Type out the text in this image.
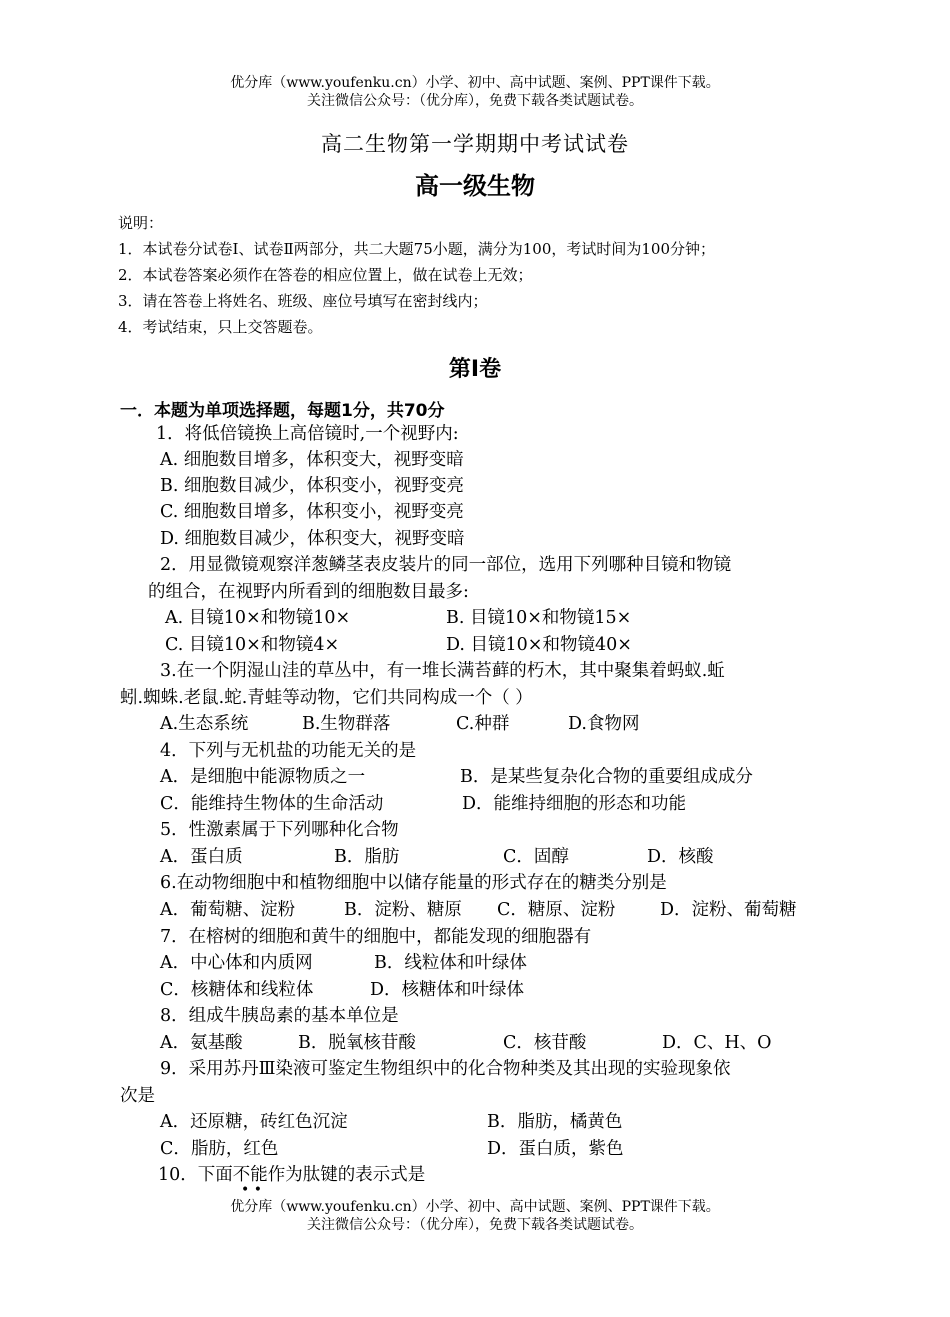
优分库（www.youfenku.cn）小学、初中、高中试题、案例、PPT课件下载。
关注微信公众号：（优分库），免费下载各类试题试卷。
高二生物第一学期期中考试试卷
高一级生物
说明：
1．本试卷分试卷Ⅰ、试卷Ⅱ两部分，共二大题75小题，满分为100，考试时间为100分钟；
2．本试卷答案必须作在答卷的相应位置上，做在试卷上无效；
3．请在答卷上将姓名、班级、座位号填写在密封线内；
4．考试结束，只上交答题卷。
第Ⅰ卷
一．本题为单项选择题，每题1分，共70分
1．将低倍镜换上高倍镜时,一个视野内:
A. 细胞数目增多，体积变大，视野变暗
B. 细胞数目减少，体积变小，视野变亮
C. 细胞数目增多，体积变小，视野变亮
D. 细胞数目减少，体积变大，视野变暗
2．用显微镜观察洋葱鳞茎表皮装片的同一部位，选用下列哪种目镜和物镜
的组合，在视野内所看到的细胞数目最多:
A. 目镜10×和物镜10×	B. 目镜10×和物镜15×
C. 目镜10×和物镜4×	D. 目镜10×和物镜40×
3.在一个阴湿山洼的草丛中，有一堆长满苔藓的朽木，其中聚集着蚂蚁.蚯
蚓.蜘蛛.老鼠.蛇.青蛙等动物，它们共同构成一个（ ）
A.生态系统	B.生物群落	C.种群	D.食物网
4．下列与无机盐的功能无关的是
A．是细胞中能源物质之一	B．是某些复杂化合物的重要组成成分
C．能维持生物体的生命活动	D．能维持细胞的形态和功能
5．性激素属于下列哪种化合物
A．蛋白质	B．脂肪	C．固醇	D．核酸
6.在动物细胞中和植物细胞中以储存能量的形式存在的糖类分别是
A．葡萄糖、淀粉	B．淀粉、糖原 C．糖原、淀粉	D．淀粉、葡萄糖
7．在榕树的细胞和黄牛的细胞中，都能发现的细胞器有
A．中心体和内质网	B．线粒体和叶绿体
C．核糖体和线粒体	D．核糖体和叶绿体
8．组成牛胰岛素的基本单位是
A．氨基酸	B．脱氧核苷酸	C．核苷酸	D．C、H、O
9．采用苏丹Ⅲ染液可鉴定生物组织中的化合物种类及其出现的实验现象依
次是
A．还原糖，砖红色沉淀	B．脂肪，橘黄色
C．脂肪，红色	D．蛋白质，紫色
10．下面不能作为肽键的表示式是
• •
优分库（www.youfenku.cn）小学、初中、高中试题、案例、PPT课件下载。
关注微信公众号：（优分库），免费下载各类试题试卷。
